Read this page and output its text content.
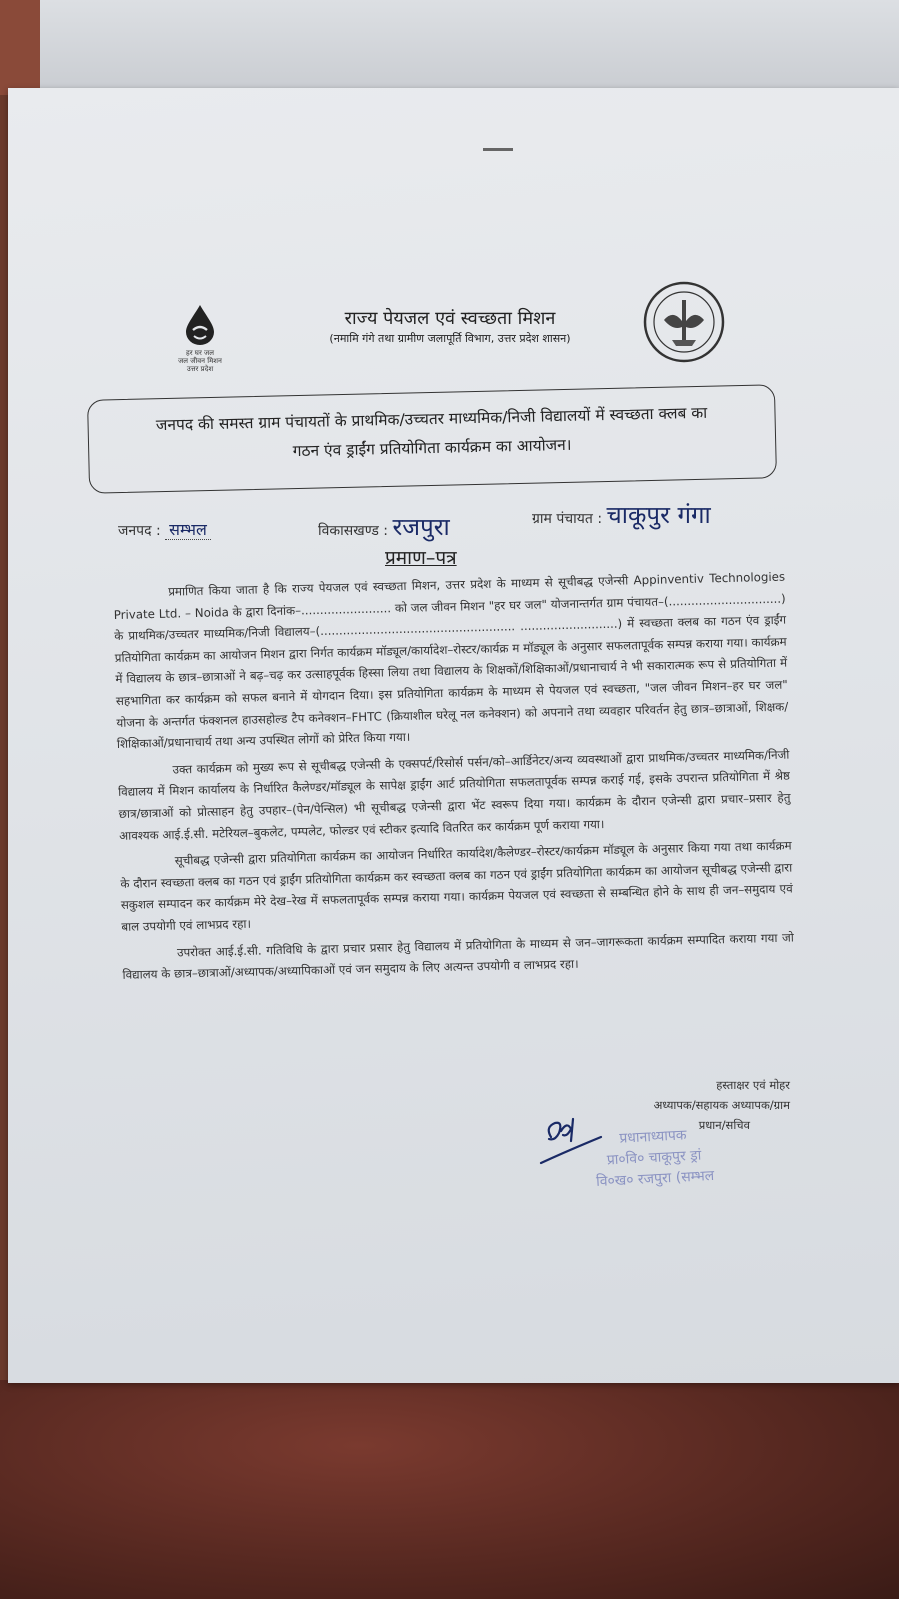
हर घर जल
जल जीवन मिशन
उत्तर प्रदेश
राज्य पेयजल एवं स्वच्छता मिशन
(नमामि गंगे तथा ग्रामीण जलापूर्ति विभाग, उत्तर प्रदेश शासन)
जनपद की समस्त ग्राम पंचायतों के प्राथमिक/उच्चतर माध्यमिक/निजी विद्यालयों में स्वच्छता क्लब का
गठन एंव ड्राईंग प्रतियोगिता कार्यक्रम का आयोजन।
जनपद : सम्भल	विकासखण्ड : रजपुरा	ग्राम पंचायत : चाकूपुर गंगा
प्रमाण–पत्र

प्रमाणित किया जाता है कि राज्य पेयजल एवं स्वच्छता मिशन, उत्तर प्रदेश के माध्यम से सूचीबद्ध एजेन्सी Appinventiv Technologies Private Ltd. – Noida के द्वारा दिनांक–........................ को जल जीवन मिशन "हर घर जल" योजनान्तर्गत ग्राम पंचायत–(..............................) के प्राथमिक/उच्चतर माध्यमिक/निजी विद्यालय–(.................................................... ..........................) में स्वच्छता क्लब का गठन एंव ड्राईंग प्रतियोगिता कार्यक्रम का आयोजन मिशन द्वारा निर्गत कार्यक्रम मॉड्यूल/कार्यादेश–रोस्टर/कार्यक्र म मॉड्यूल के अनुसार सफलतापूर्वक सम्पन्न कराया गया। कार्यक्रम में विद्यालय के छात्र–छात्राओं ने बढ़–चढ़ कर उत्साहपूर्वक हिस्सा लिया तथा विद्यालय के शिक्षकों/शिक्षिकाओं/प्रधानाचार्य ने भी सकारात्मक रूप से प्रतियोगिता में सहभागिता कर कार्यक्रम को सफल बनाने में योगदान दिया। इस प्रतियोगिता कार्यक्रम के माध्यम से पेयजल एवं स्वच्छता, "जल जीवन मिशन–हर घर जल" योजना के अन्तर्गत फंक्शनल हाउसहोल्ड टैप कनेक्शन–FHTC (क्रियाशील घरेलू नल कनेक्शन) को अपनाने तथा व्यवहार परिवर्तन हेतु छात्र–छात्राओं, शिक्षक/शिक्षिकाओं/प्रधानाचार्य तथा अन्य उपस्थित लोगों को प्रेरित किया गया।

उक्त कार्यक्रम को मुख्य रूप से सूचीबद्ध एजेन्सी के एक्सपर्ट/रिसोर्स पर्सन/को–आर्डिनेटर/अन्य व्यवस्थाओं द्वारा प्राथमिक/उच्चतर माध्यमिक/निजी विद्यालय में मिशन कार्यालय के निर्धारित कैलेण्डर/मॉड्यूल के सापेक्ष ड्राईंग आर्ट प्रतियोगिता सफलतापूर्वक सम्पन्न कराई गई, इसके उपरान्त प्रतियोगिता में श्रेष्ठ छात्र/छात्राओं को प्रोत्साहन हेतु उपहार–(पेन/पेन्सिल) भी सूचीबद्ध एजेन्सी द्वारा भेंट स्वरूप दिया गया। कार्यक्रम के दौरान एजेन्सी द्वारा प्रचार–प्रसार हेतु आवश्यक आई.ई.सी. मटेरियल–बुकलेट, पम्पलेट, फोल्डर एवं स्टीकर इत्यादि वितरित कर कार्यक्रम पूर्ण कराया गया।

सूचीबद्ध एजेन्सी द्वारा प्रतियोगिता कार्यक्रम का आयोजन निर्धारित कार्यादेश/कैलेण्डर–रोस्टर/कार्यक्रम मॉड्यूल के अनुसार किया गया तथा कार्यक्रम के दौरान स्वच्छता क्लब का गठन एवं ड्राईंग प्रतियोगिता कार्यक्रम कर स्वच्छता क्लब का गठन एवं ड्राईंग प्रतियोगिता कार्यक्रम का आयोजन सूचीबद्ध एजेन्सी द्वारा सकुशल सम्पादन कर कार्यक्रम मेरे देख–रेख में सफलतापूर्वक सम्पन्न कराया गया। कार्यक्रम पेयजल एवं स्वच्छता से सम्बन्धित होने के साथ ही जन–समुदाय एवं बाल उपयोगी एवं लाभप्रद रहा।

उपरोक्त आई.ई.सी. गतिविधि के द्वारा प्रचार प्रसार हेतु विद्यालय में प्रतियोगिता के माध्यम से जन–जागरूकता कार्यक्रम सम्पादित कराया गया जो विद्यालय के छात्र–छात्राओं/अध्यापक/अध्यापिकाओं एवं जन समुदाय के लिए अत्यन्त उपयोगी व लाभप्रद रहा।

हस्ताक्षर एवं मोहर
अध्यापक/सहायक अध्यापक/ग्राम
प्रधान/सचिव
प्रधानाध्यापक
प्रा०वि० चाकूपुर ड्रां
वि०ख० रजपुरा (सम्भल
